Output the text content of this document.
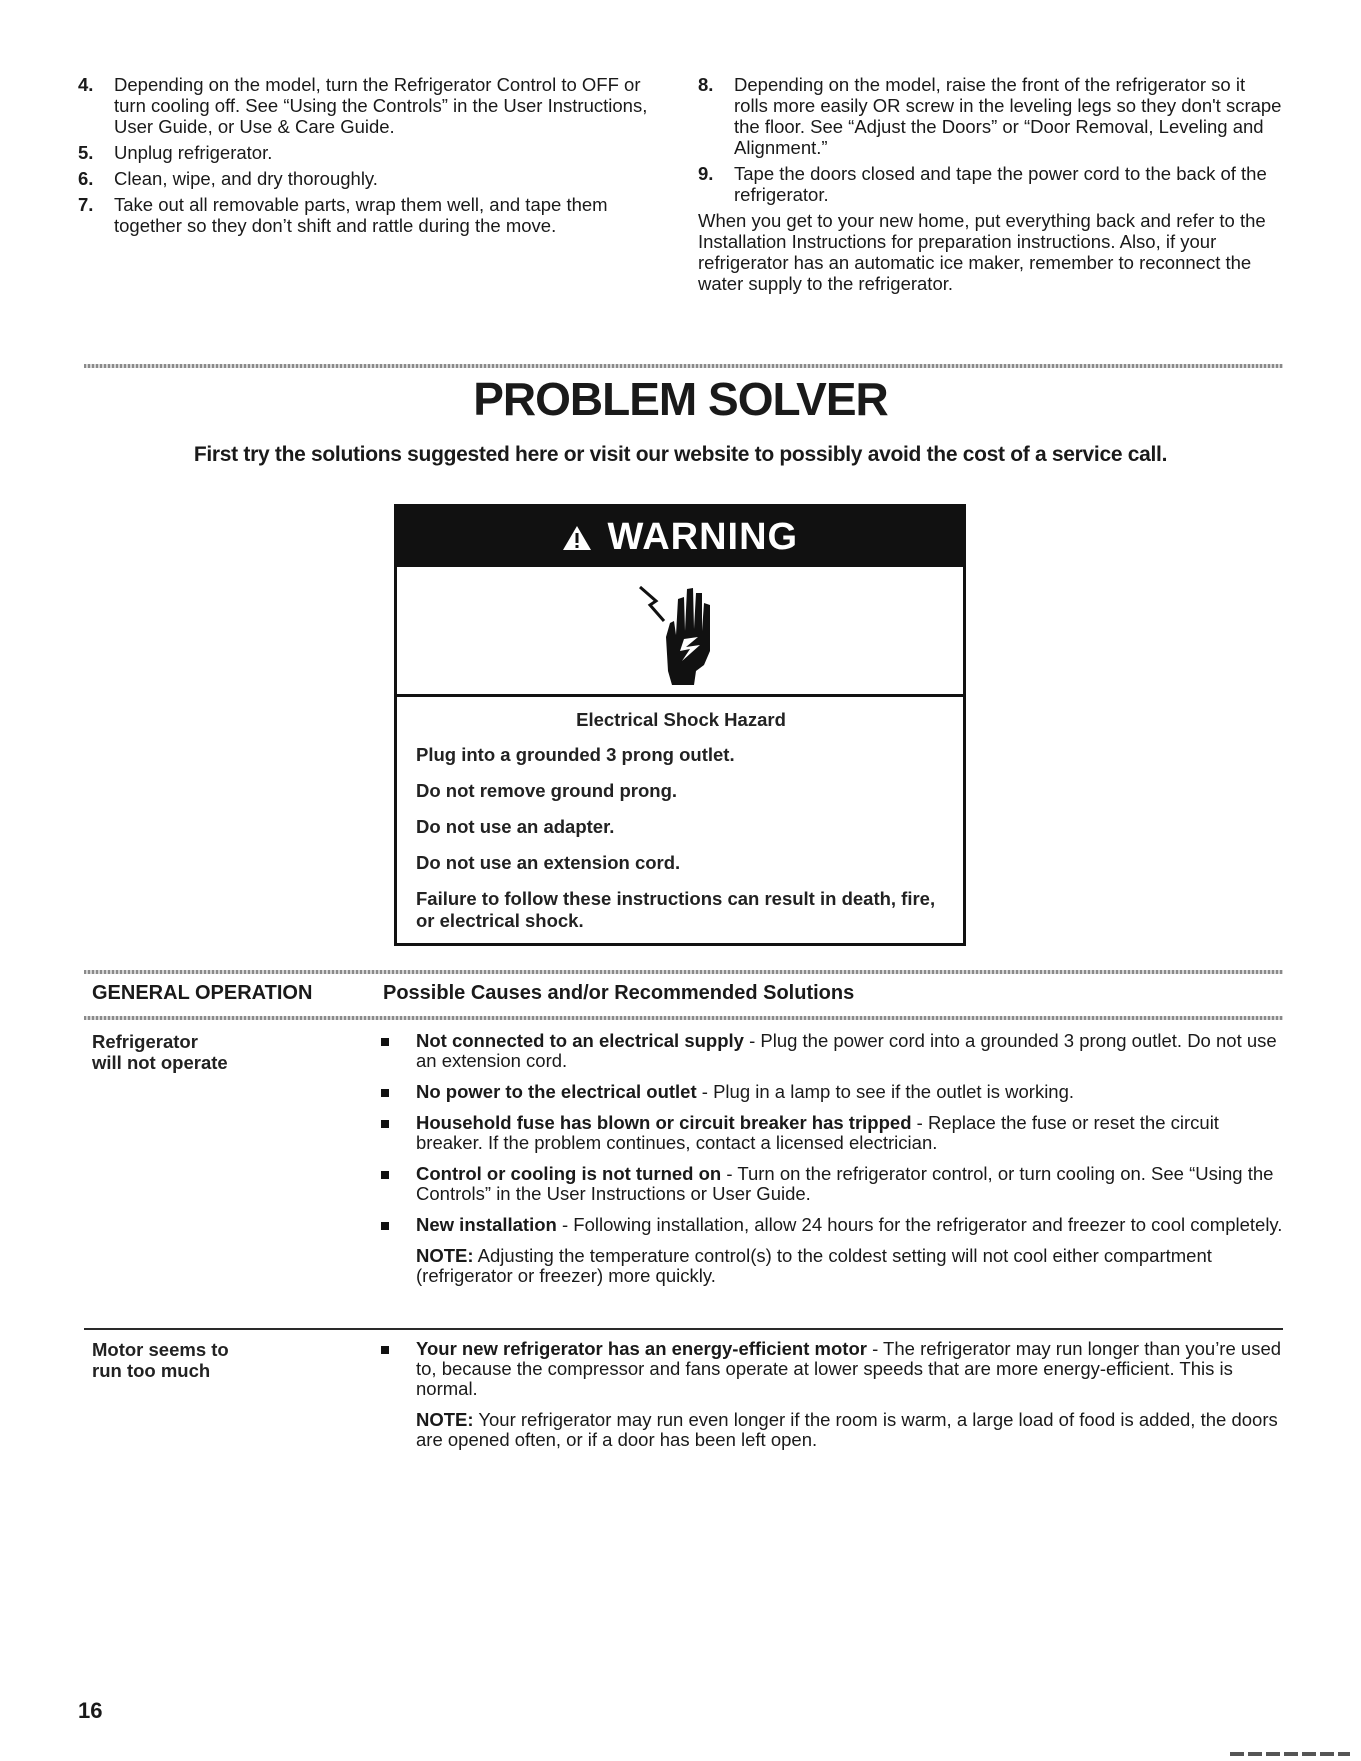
4. Depending on the model, turn the Refrigerator Control to OFF or turn cooling off. See “Using the Controls” in the User Instructions, User Guide, or Use & Care Guide.
5. Unplug refrigerator.
6. Clean, wipe, and dry thoroughly.
7. Take out all removable parts, wrap them well, and tape them together so they don’t shift and rattle during the move.
8. Depending on the model, raise the front of the refrigerator so it rolls more easily OR screw in the leveling legs so they don't scrape the floor. See “Adjust the Doors” or “Door Removal, Leveling and Alignment.”
9. Tape the doors closed and tape the power cord to the back of the refrigerator.
When you get to your new home, put everything back and refer to the Installation Instructions for preparation instructions. Also, if your refrigerator has an automatic ice maker, remember to reconnect the water supply to the refrigerator.
PROBLEM SOLVER
First try the solutions suggested here or visit our website to possibly avoid the cost of a service call.
WARNING
Electrical Shock Hazard
Plug into a grounded 3 prong outlet.
Do not remove ground prong.
Do not use an adapter.
Do not use an extension cord.
Failure to follow these instructions can result in death, fire, or electrical shock.
GENERAL OPERATION	Possible Causes and/or Recommended Solutions
Refrigerator
will not operate
Not connected to an electrical supply - Plug the power cord into a grounded 3 prong outlet. Do not use an extension cord.
No power to the electrical outlet - Plug in a lamp to see if the outlet is working.
Household fuse has blown or circuit breaker has tripped - Replace the fuse or reset the circuit breaker. If the problem continues, contact a licensed electrician.
Control or cooling is not turned on - Turn on the refrigerator control, or turn cooling on. See “Using the Controls” in the User Instructions or User Guide.
New installation - Following installation, allow 24 hours for the refrigerator and freezer to cool completely.
NOTE: Adjusting the temperature control(s) to the coldest setting will not cool either compartment (refrigerator or freezer) more quickly.
Motor seems to
run too much
Your new refrigerator has an energy-efficient motor - The refrigerator may run longer than you’re used to, because the compressor and fans operate at lower speeds that are more energy-efficient. This is normal.
NOTE: Your refrigerator may run even longer if the room is warm, a large load of food is added, the doors are opened often, or if a door has been left open.
16
